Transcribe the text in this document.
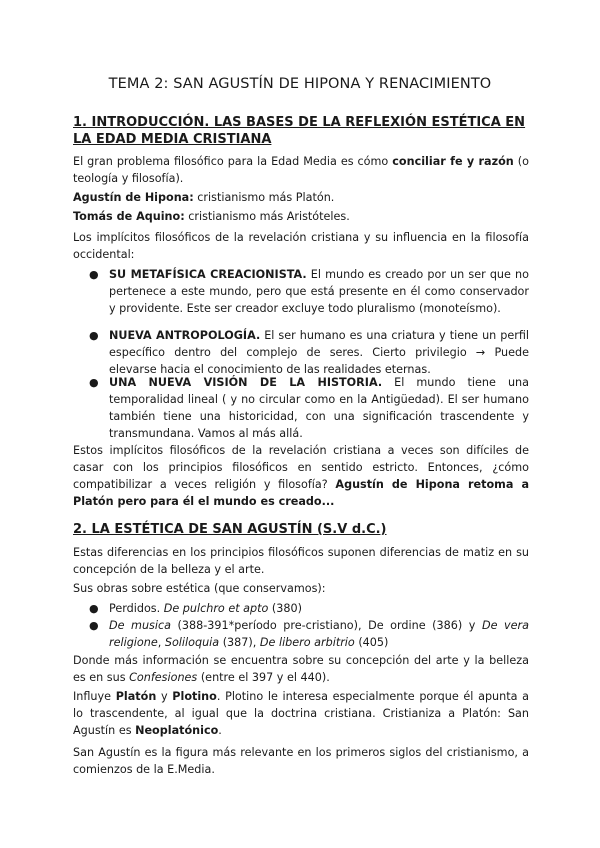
TEMA 2: SAN AGUSTÍN DE HIPONA Y RENACIMIENTO
1. INTRODUCCIÓN. LAS BASES DE LA REFLEXIÓN ESTÉTICA EN LA EDAD MEDIA CRISTIANA

El gran problema filosófico para la Edad Media es cómo conciliar fe y razón (o teología y filosofía).

Agustín de Hipona: cristianismo más Platón.

Tomás de Aquino: cristianismo más Aristóteles.

Los implícitos filosóficos de la revelación cristiana y su influencia en la filosofía occidental:

● SU METAFÍSICA CREACIONISTA. El mundo es creado por un ser que no pertenece a este mundo, pero que está presente en él como conservador y providente. Este ser creador excluye todo pluralismo (monoteísmo).

● NUEVA ANTROPOLOGÍA. El ser humano es una criatura y tiene un perfil específico dentro del complejo de seres. Cierto privilegio → Puede elevarse hacia el conocimiento de las realidades eternas.

● UNA NUEVA VISIÓN DE LA HISTORIA. El mundo tiene una temporalidad lineal ( y no circular como en la Antigüedad). El ser humano también tiene una historicidad, con una significación trascendente y transmundana. Vamos al más allá.

Estos implícitos filosóficos de la revelación cristiana a veces son difíciles de casar con los principios filosóficos en sentido estricto. Entonces, ¿cómo compatibilizar a veces religión y filosofía? Agustín de Hipona retoma a Platón pero para él el mundo es creado...

2. LA ESTÉTICA DE SAN AGUSTÍN (S.V d.C.)

Estas diferencias en los principios filosóficos suponen diferencias de matiz en su concepción de la belleza y el arte.

Sus obras sobre estética (que conservamos):

● Perdidos. De pulchro et apto (380)

● De musica (388-391*período pre-cristiano), De ordine (386) y De vera religione, Soliloquia (387), De libero arbitrio (405)

Donde más información se encuentra sobre su concepción del arte y la belleza es en sus Confesiones (entre el 397 y el 440).

Influye Platón y Plotino. Plotino le interesa especialmente porque él apunta a lo trascendente, al igual que la doctrina cristiana. Cristianiza a Platón: San Agustín es Neoplatónico.

San Agustín es la figura más relevante en los primeros siglos del cristianismo, a comienzos de la E.Media.
